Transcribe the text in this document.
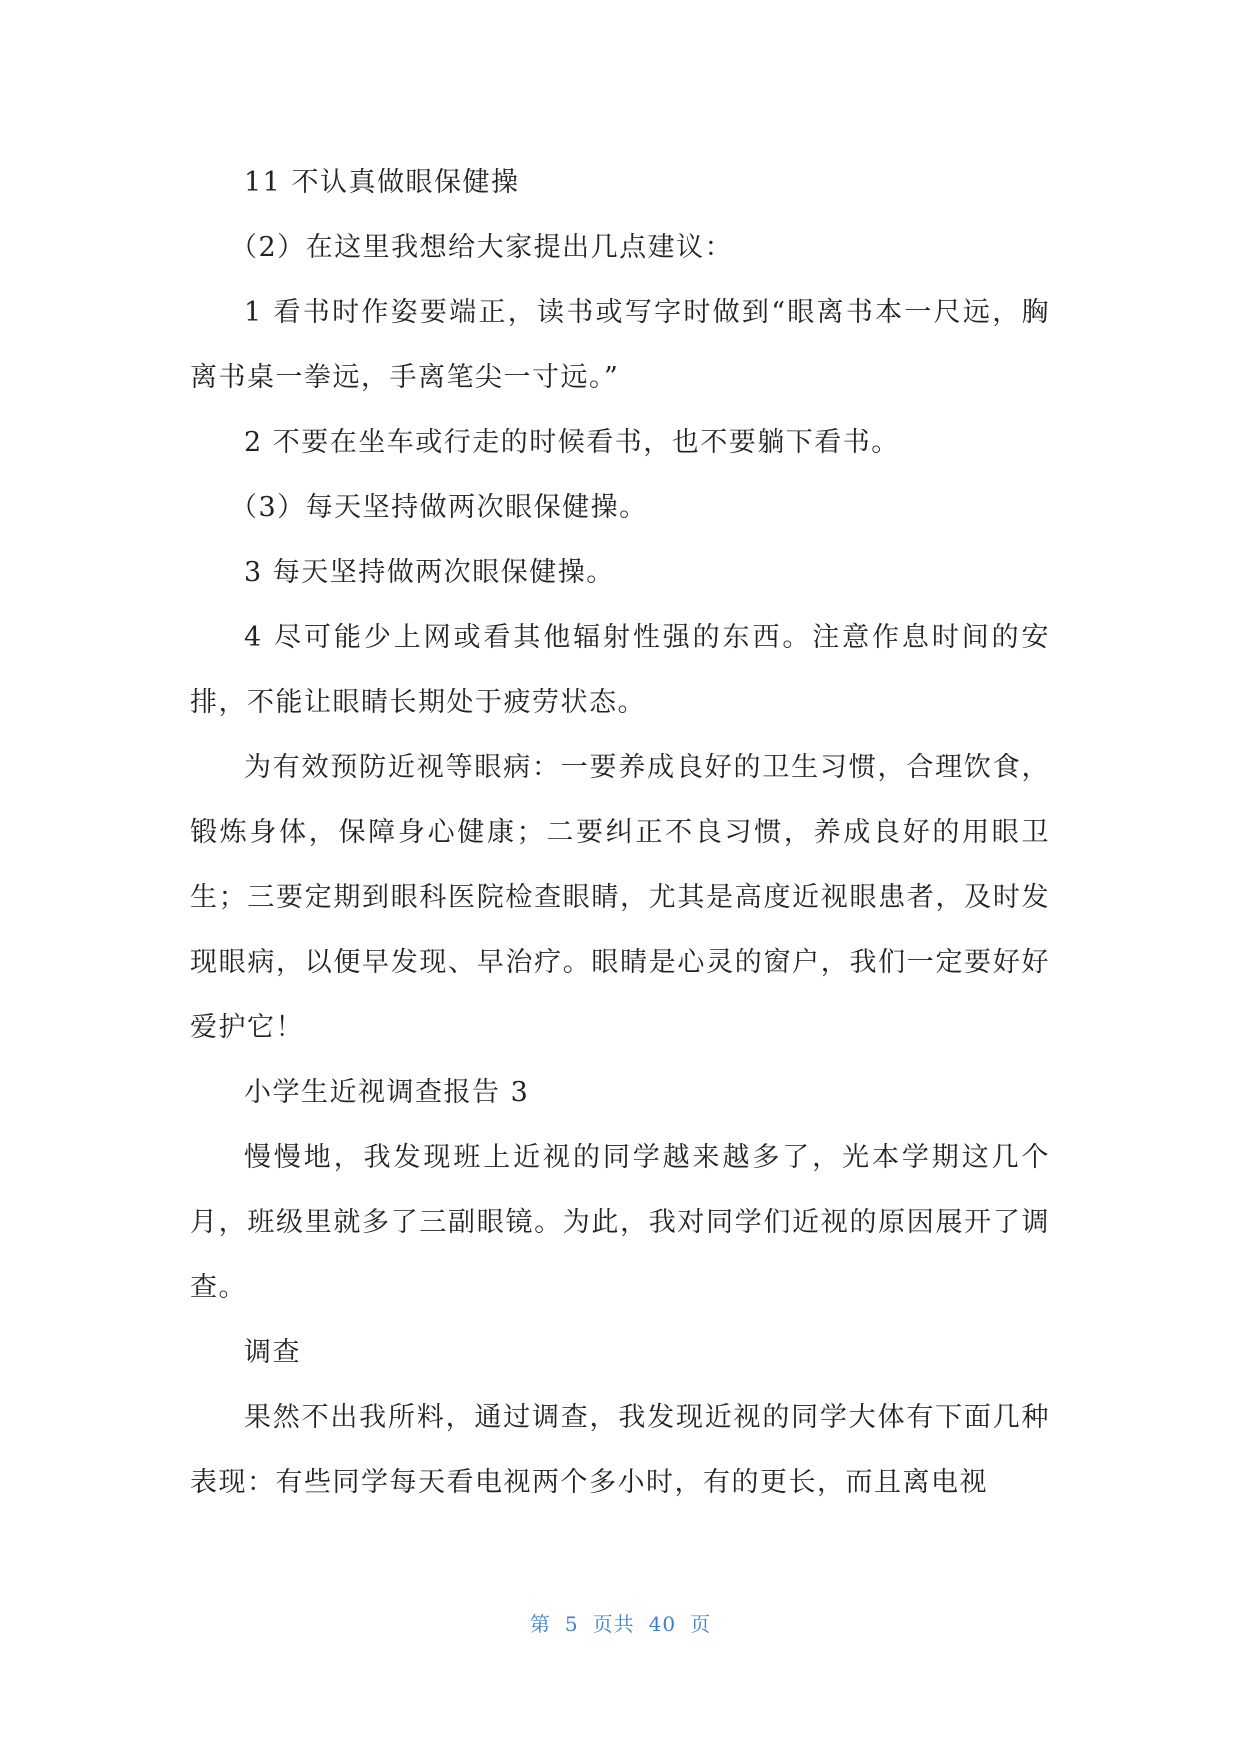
11 不认真做眼保健操

（2）在这里我想给大家提出几点建议：

1 看书时作姿要端正，读书或写字时做到“眼离书本一尺远，胸离书桌一拳远，手离笔尖一寸远。”

2 不要在坐车或行走的时候看书，也不要躺下看书。

（3）每天坚持做两次眼保健操。

3 每天坚持做两次眼保健操。

4 尽可能少上网或看其他辐射性强的东西。注意作息时间的安排，不能让眼睛长期处于疲劳状态。

为有效预防近视等眼病：一要养成良好的卫生习惯，合理饮食，锻炼身体，保障身心健康；二要纠正不良习惯，养成良好的用眼卫生；三要定期到眼科医院检查眼睛，尤其是高度近视眼患者，及时发现眼病，以便早发现、早治疗。眼睛是心灵的窗户，我们一定要好好爱护它！

小学生近视调查报告 3

慢慢地，我发现班上近视的同学越来越多了，光本学期这几个月，班级里就多了三副眼镜。为此，我对同学们近视的原因展开了调查。

调查

果然不出我所料，通过调查，我发现近视的同学大体有下面几种表现：有些同学每天看电视两个多小时，有的更长，而且离电视

第 5 页共 40 页
